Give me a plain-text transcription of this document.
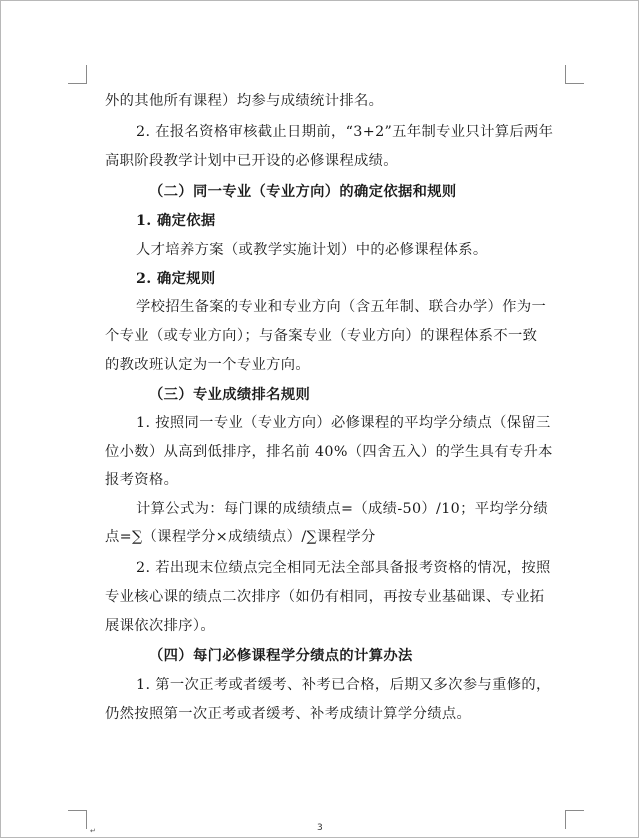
外的其他所有课程）均参与成绩统计排名。
2. 在报名资格审核截止日期前，“3+2”五年制专业只计算后两年
高职阶段教学计划中已开设的必修课程成绩。
（二）同一专业（专业方向）的确定依据和规则
1. 确定依据
人才培养方案（或教学实施计划）中的必修课程体系。
2. 确定规则
学校招生备案的专业和专业方向（含五年制、联合办学）作为一
个专业（或专业方向）；与备案专业（专业方向）的课程体系不一致
的教改班认定为一个专业方向。
（三）专业成绩排名规则
1. 按照同一专业（专业方向）必修课程的平均学分绩点（保留三
位小数）从高到低排序，排名前 40%（四舍五入）的学生具有专升本
报考资格。
计算公式为：每门课的成绩绩点=（成绩-50）/10；平均学分绩
点=∑（课程学分×成绩绩点）/∑课程学分
2. 若出现末位绩点完全相同无法全部具备报考资格的情况，按照
专业核心课的绩点二次排序（如仍有相同，再按专业基础课、专业拓
展课依次排序）。
（四）每门必修课程学分绩点的计算办法
1. 第一次正考或者缓考、补考已合格，后期又多次参与重修的，
仍然按照第一次正考或者缓考、补考成绩计算学分绩点。
↵	3
